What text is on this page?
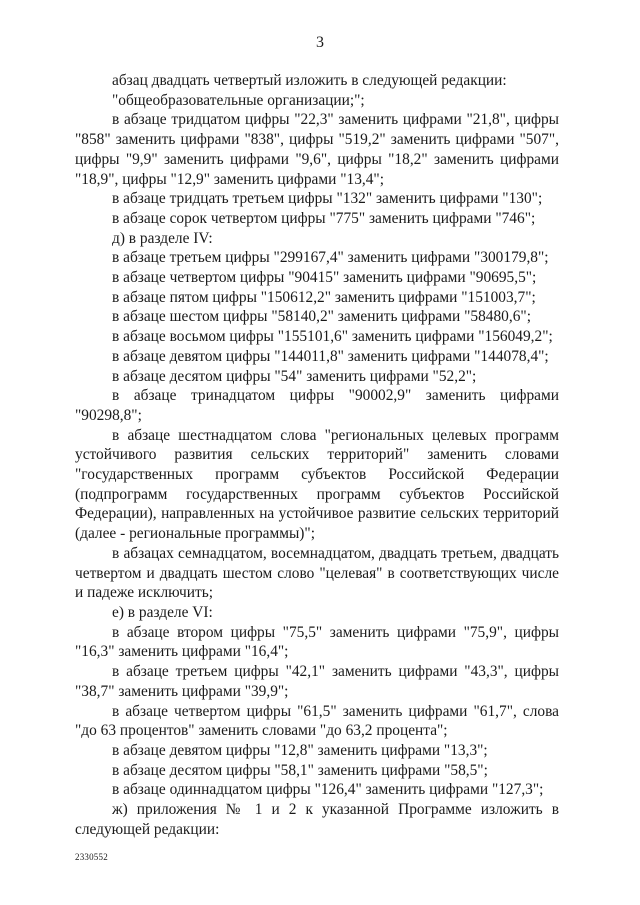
3

абзац двадцать четвертый изложить в следующей редакции:

"общеобразовательные организации;";

в абзаце тридцатом цифры "22,3" заменить цифрами "21,8", цифры "858" заменить цифрами "838", цифры "519,2" заменить цифрами "507", цифры "9,9" заменить цифрами "9,6", цифры "18,2" заменить цифрами "18,9", цифры "12,9" заменить цифрами "13,4";

в абзаце тридцать третьем цифры "132" заменить цифрами "130";

в абзаце сорок четвертом цифры "775" заменить цифрами "746";

д) в разделе IV:

в абзаце третьем цифры "299167,4" заменить цифрами "300179,8";

в абзаце четвертом цифры "90415" заменить цифрами "90695,5";

в абзаце пятом цифры "150612,2" заменить цифрами "151003,7";

в абзаце шестом цифры "58140,2" заменить цифрами "58480,6";

в абзаце восьмом цифры "155101,6" заменить цифрами "156049,2";

в абзаце девятом цифры "144011,8" заменить цифрами "144078,4";

в абзаце десятом цифры "54" заменить цифрами "52,2";

в абзаце тринадцатом цифры "90002,9" заменить цифрами "90298,8";

в абзаце шестнадцатом слова "региональных целевых программ устойчивого развития сельских территорий" заменить словами "государственных программ субъектов Российской Федерации (подпрограмм государственных программ субъектов Российской Федерации), направленных на устойчивое развитие сельских территорий (далее - региональные программы)";

в абзацах семнадцатом, восемнадцатом, двадцать третьем, двадцать четвертом и двадцать шестом слово "целевая" в соответствующих числе и падеже исключить;

е) в разделе VI:

в абзаце втором цифры "75,5" заменить цифрами "75,9", цифры "16,3" заменить цифрами "16,4";

в абзаце третьем цифры "42,1" заменить цифрами "43,3", цифры "38,7" заменить цифрами "39,9";

в абзаце четвертом цифры "61,5" заменить цифрами "61,7", слова "до 63 процентов" заменить словами "до 63,2 процента";

в абзаце девятом цифры "12,8" заменить цифрами "13,3";

в абзаце десятом цифры "58,1" заменить цифрами "58,5";

в абзаце одиннадцатом цифры "126,4" заменить цифрами "127,3";

ж) приложения № 1 и 2 к указанной Программе изложить в следующей редакции:

2330552
